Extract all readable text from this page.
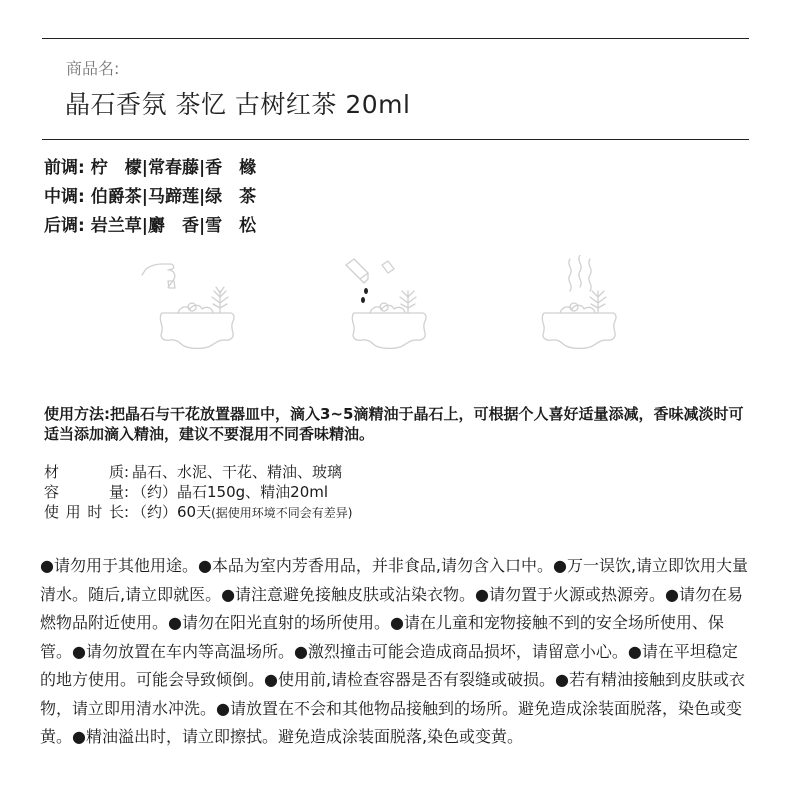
商品名:
晶石香氛 茶忆 古树红茶 20ml
前调: 柠　檬|常春藤|香　橼
中调: 伯爵茶|马蹄莲|绿　茶
后调: 岩兰草|麝　香|雪　松
使用方法:把晶石与干花放置器皿中，滴入3~5滴精油于晶石上，可根据个人喜好适量添减，香味减淡时可适当添加滴入精油，建议不要混用不同香味精油。
材　　质: 晶石、水泥、干花、精油、玻璃
容　　量: （约）晶石150g、精油20ml
使用时长: （约）60天(据使用环境不同会有差异)
●请勿用于其他用途。●本品为室内芳香用品，并非食品,请勿含入口中。●万一误饮,请立即饮用大量清水。随后,请立即就医。●请注意避免接触皮肤或沾染衣物。●请勿置于火源或热源旁。●请勿在易燃物品附近使用。●请勿在阳光直射的场所使用。●请在儿童和宠物接触不到的安全场所使用、保管。●请勿放置在车内等高温场所。●激烈撞击可能会造成商品损坏，请留意小心。●请在平坦稳定的地方使用。可能会导致倾倒。●使用前,请检查容器是否有裂缝或破损。●若有精油接触到皮肤或衣物，请立即用清水冲洗。●请放置在不会和其他物品接触到的场所。避免造成涂装面脱落，染色或变黄。●精油溢出时，请立即擦拭。避免造成涂装面脱落,染色或变黄。
